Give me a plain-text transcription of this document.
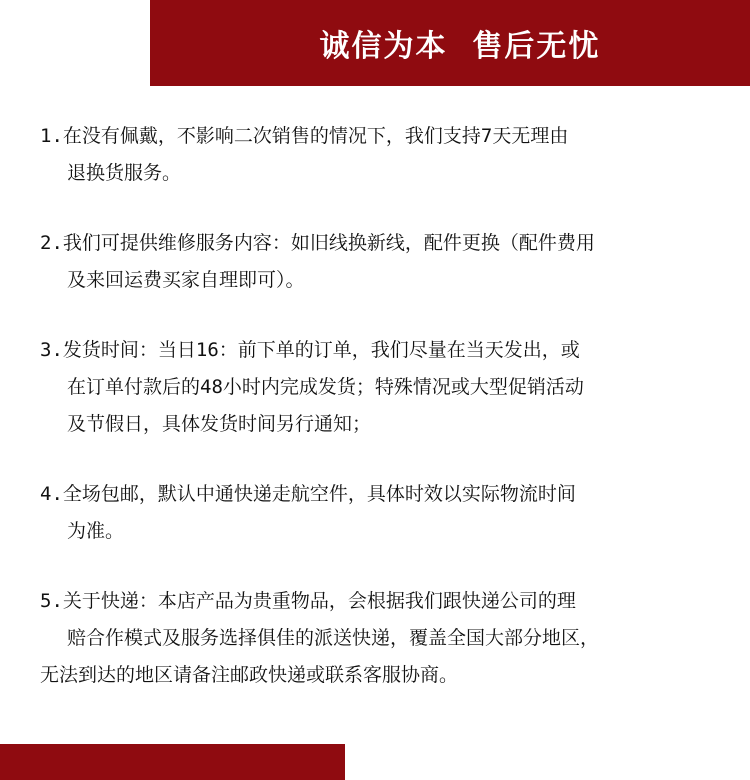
诚信为本  售后无忧
1.在没有佩戴，不影响二次销售的情况下，我们支持7天无理由
退换货服务。
2.我们可提供维修服务内容：如旧线换新线，配件更换（配件费用
及来回运费买家自理即可）。
3.发货时间：当日16：前下单的订单，我们尽量在当天发出，或
在订单付款后的48小时内完成发货；特殊情况或大型促销活动
及节假日，具体发货时间另行通知；
4.全场包邮，默认中通快递走航空件，具体时效以实际物流时间
为准。
5.关于快递：本店产品为贵重物品，会根据我们跟快递公司的理
赔合作模式及服务选择俱佳的派送快递，覆盖全国大部分地区，
无法到达的地区请备注邮政快递或联系客服协商。
